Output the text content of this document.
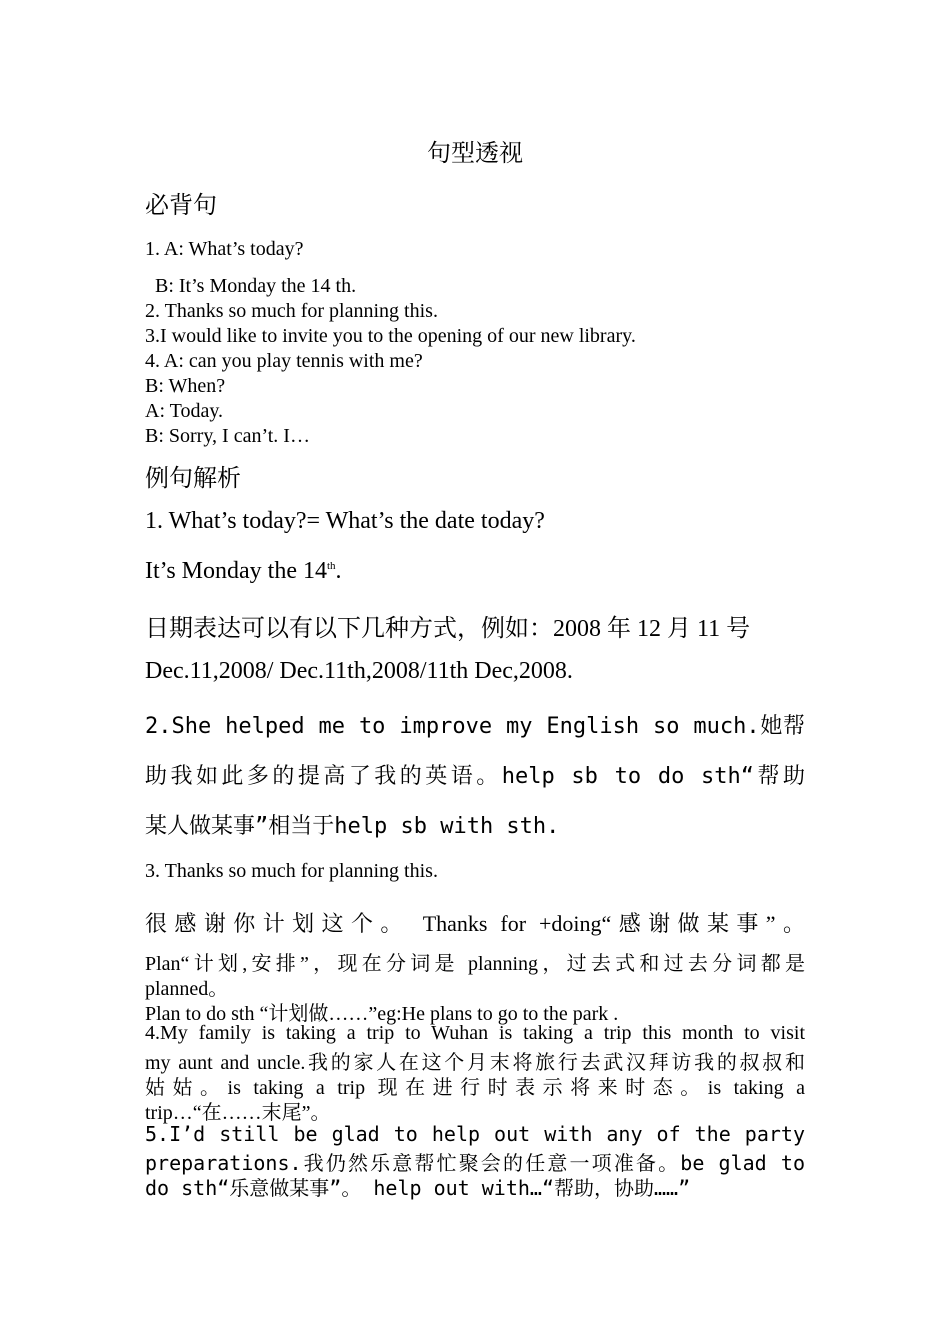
句型透视
必背句
1. A: What’s today?
B: It’s Monday the 14 th.
2. Thanks so much for planning this.
3.I would like to invite you to the opening of our new library.
4. A: can you play tennis with me?
B: When?
A: Today.
B: Sorry, I can’t. I…
例句解析
1. What’s today?= What’s the date today?
It’s Monday the 14th.
日期表达可以有以下几种方式，例如：2008 年 12 月 11 号
Dec.11,2008/ Dec.11th,2008/11th Dec,2008.
2.She helped me to improve my English so much.她帮
助我如此多的提高了我的英语。help sb to do sth“帮助
某人做某事”相当于help sb with sth.
3. Thanks so much for planning this.
很感谢你计划这个。 Thanks for +doing“感谢做某事”。
Plan“计划,安排”，现在分词是 planning，过去式和过去分词都是
planned。
Plan to do sth “计划做……”eg:He plans to go to the park .
4.My family is taking a trip to Wuhan is taking a trip this month to visit
my aunt and uncle.我的家人在这个月末将旅行去武汉拜访我的叔叔和
姑姑。is taking a trip 现在进行时表示将来时态。is taking a
trip…“在……末尾”。
5.I’d still be glad to help out with any of the party
preparations.我仍然乐意帮忙聚会的任意一项准备。be glad to
do sth“乐意做某事”。 help out with…“帮助，协助……”
